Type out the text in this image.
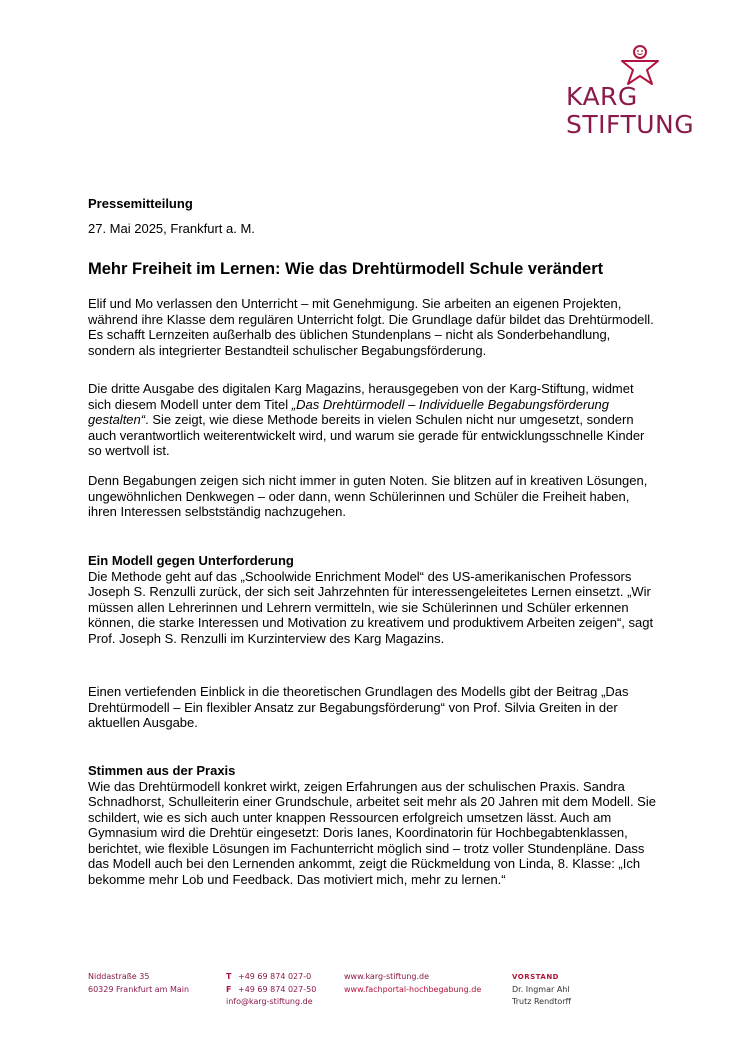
KARG
STIFTUNG
Pressemitteilung
27. Mai 2025, Frankfurt a. M.
Mehr Freiheit im Lernen: Wie das Drehtürmodell Schule verändert

Elif und Mo verlassen den Unterricht – mit Genehmigung. Sie arbeiten an eigenen Projekten, während ihre Klasse dem regulären Unterricht folgt. Die Grundlage dafür bildet das Drehtürmodell. Es schafft Lernzeiten außerhalb des üblichen Stundenplans – nicht als Sonderbehandlung, sondern als integrierter Bestandteil schulischer Begabungsförderung.

Die dritte Ausgabe des digitalen Karg Magazins, herausgegeben von der Karg-Stiftung, widmet sich diesem Modell unter dem Titel „Das Drehtürmodell – Individuelle Begabungsförderung gestalten“. Sie zeigt, wie diese Methode bereits in vielen Schulen nicht nur umgesetzt, sondern auch verantwortlich weiterentwickelt wird, und warum sie gerade für entwicklungsschnelle Kinder so wertvoll ist.

Denn Begabungen zeigen sich nicht immer in guten Noten. Sie blitzen auf in kreativen Lösungen, ungewöhnlichen Denkwegen – oder dann, wenn Schülerinnen und Schüler die Freiheit haben, ihren Interessen selbstständig nachzugehen.

Ein Modell gegen Unterforderung

Die Methode geht auf das „Schoolwide Enrichment Model“ des US-amerikanischen Professors Joseph S. Renzulli zurück, der sich seit Jahrzehnten für interessengeleitetes Lernen einsetzt. „Wir müssen allen Lehrerinnen und Lehrern vermitteln, wie sie Schülerinnen und Schüler erkennen können, die starke Interessen und Motivation zu kreativem und produktivem Arbeiten zeigen“, sagt Prof. Joseph S. Renzulli im Kurzinterview des Karg Magazins.

Einen vertiefenden Einblick in die theoretischen Grundlagen des Modells gibt der Beitrag „Das Drehtürmodell – Ein flexibler Ansatz zur Begabungsförderung“ von Prof. Silvia Greiten in der aktuellen Ausgabe.

Stimmen aus der Praxis

Wie das Drehtürmodell konkret wirkt, zeigen Erfahrungen aus der schulischen Praxis. Sandra Schnadhorst, Schulleiterin einer Grundschule, arbeitet seit mehr als 20 Jahren mit dem Modell. Sie schildert, wie es sich auch unter knappen Ressourcen erfolgreich umsetzen lässt. Auch am Gymnasium wird die Drehtür eingesetzt: Doris Ianes, Koordinatorin für Hochbegabtenklassen, berichtet, wie flexible Lösungen im Fachunterricht möglich sind – trotz voller Stundenpläne. Dass das Modell auch bei den Lernenden ankommt, zeigt die Rückmeldung von Linda, 8. Klasse: „Ich bekomme mehr Lob und Feedback. Das motiviert mich, mehr zu lernen.“

Niddastraße 35
60329 Frankfurt am Main
T +49 69 874 027-0
F +49 69 874 027-50
info@karg-stiftung.de
www.karg-stiftung.de
www.fachportal-hochbegabung.de
VORSTAND
Dr. Ingmar Ahl
Trutz Rendtorff
